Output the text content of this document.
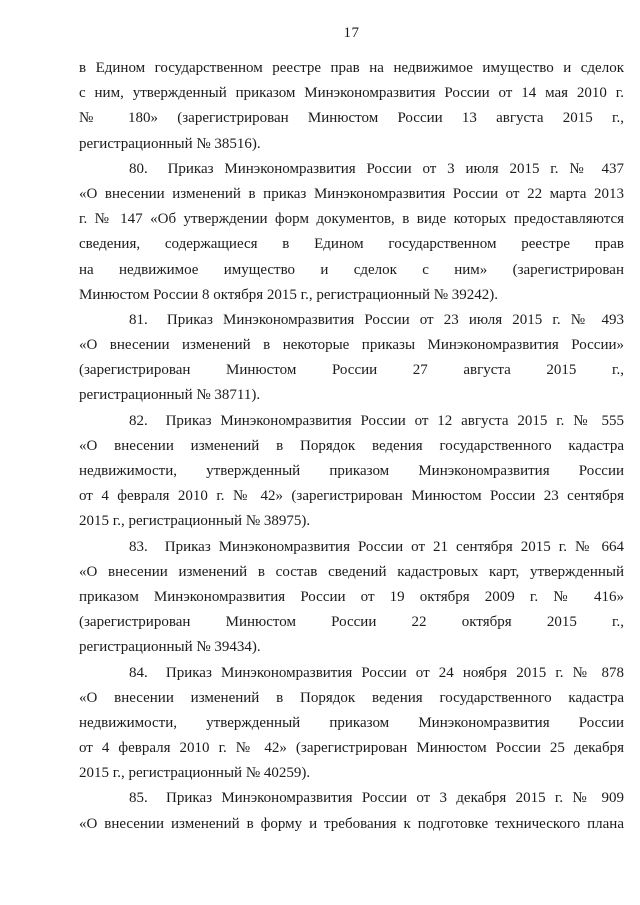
17
в Едином государственном реестре прав на недвижимое имущество и сделок
с ним, утвержденный приказом Минэкономразвития России от 14 мая 2010 г.
№ 180» (зарегистрирован Минюстом России 13 августа 2015 г.,
регистрационный № 38516).
80. Приказ Минэкономразвития России от 3 июля 2015 г. № 437
«О внесении изменений в приказ Минэкономразвития России от 22 марта 2013
г. № 147 «Об утверждении форм документов, в виде которых предоставляются
сведения, содержащиеся в Едином государственном реестре прав
на недвижимое имущество и сделок с ним» (зарегистрирован
Минюстом России 8 октября 2015 г., регистрационный № 39242).
81. Приказ Минэкономразвития России от 23 июля 2015 г. № 493
«О внесении изменений в некоторые приказы Минэкономразвития России»
(зарегистрирован Минюстом России 27 августа 2015 г.,
регистрационный № 38711).
82. Приказ Минэкономразвития России от 12 августа 2015 г. № 555
«О внесении изменений в Порядок ведения государственного кадастра
недвижимости, утвержденный приказом Минэкономразвития России
от 4 февраля 2010 г. № 42» (зарегистрирован Минюстом России 23 сентября
2015 г., регистрационный № 38975).
83. Приказ Минэкономразвития России от 21 сентября 2015 г. № 664
«О внесении изменений в состав сведений кадастровых карт, утвержденный
приказом Минэкономразвития России от 19 октября 2009 г. № 416»
(зарегистрирован Минюстом России 22 октября 2015 г.,
регистрационный № 39434).
84. Приказ Минэкономразвития России от 24 ноября 2015 г. № 878
«О внесении изменений в Порядок ведения государственного кадастра
недвижимости, утвержденный приказом Минэкономразвития России
от 4 февраля 2010 г. № 42» (зарегистрирован Минюстом России 25 декабря
2015 г., регистрационный № 40259).
85. Приказ Минэкономразвития России от 3 декабря 2015 г. № 909
«О внесении изменений в форму и требования к подготовке технического плана
